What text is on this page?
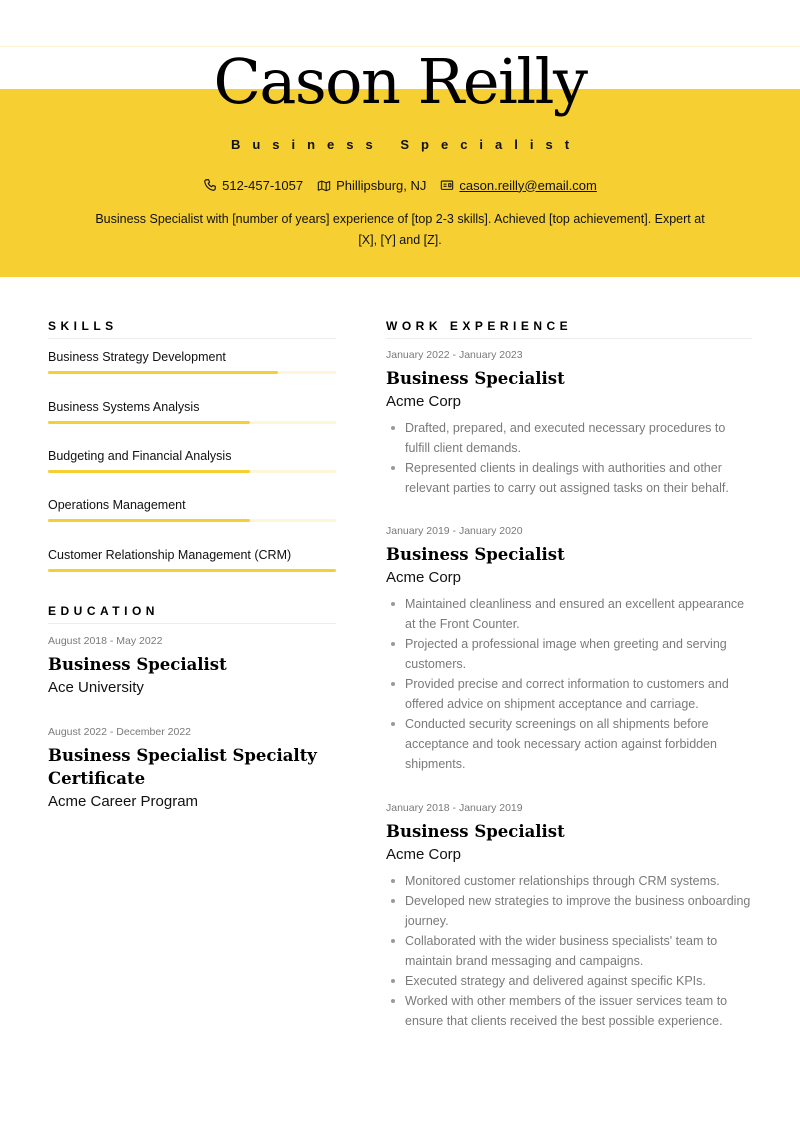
Cason Reilly
Business Specialist
512-457-1057	Phillipsburg, NJ	cason.reilly@email.com
Business Specialist with [number of years] experience of [top 2-3 skills]. Achieved [top achievement]. Expert at [X], [Y] and [Z].
SKILLS
Business Strategy Development
Business Systems Analysis
Budgeting and Financial Analysis
Operations Management
Customer Relationship Management (CRM)
EDUCATION
August 2018 - May 2022
Business Specialist
Ace University
August 2022 - December 2022
Business Specialist Specialty Certificate
Acme Career Program
WORK EXPERIENCE
January 2022 - January 2023
Business Specialist
Acme Corp
Drafted, prepared, and executed necessary procedures to fulfill client demands.
Represented clients in dealings with authorities and other relevant parties to carry out assigned tasks on their behalf.
January 2019 - January 2020
Business Specialist
Acme Corp
Maintained cleanliness and ensured an excellent appearance at the Front Counter.
Projected a professional image when greeting and serving customers.
Provided precise and correct information to customers and offered advice on shipment acceptance and carriage.
Conducted security screenings on all shipments before acceptance and took necessary action against forbidden shipments.
January 2018 - January 2019
Business Specialist
Acme Corp
Monitored customer relationships through CRM systems.
Developed new strategies to improve the business onboarding journey.
Collaborated with the wider business specialists' team to maintain brand messaging and campaigns.
Executed strategy and delivered against specific KPIs.
Worked with other members of the issuer services team to ensure that clients received the best possible experience.
